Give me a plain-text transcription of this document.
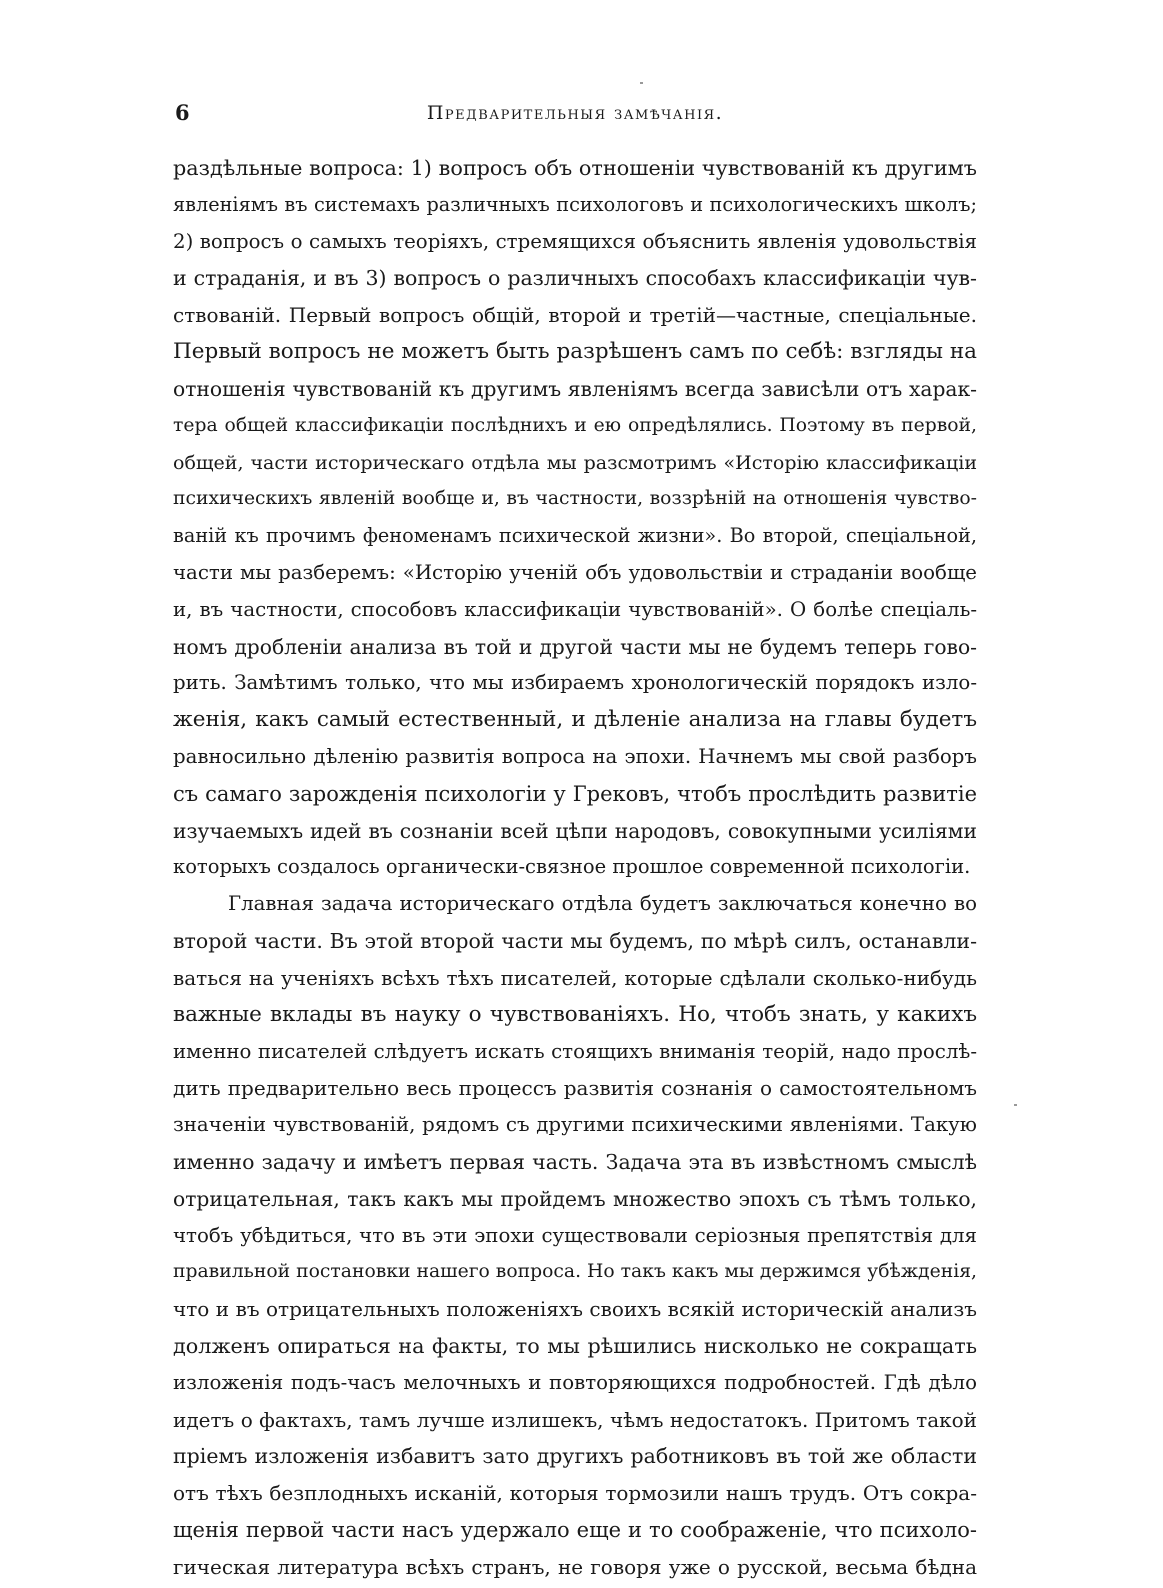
6	Предварительныя замѣчанія.
раздѣльные вопроса: 1) вопросъ объ отношеніи чувствованій къ другимъ
явленіямъ въ системахъ различныхъ психологовъ и психологическихъ школъ;
2) вопросъ о самыхъ теоріяхъ, стремящихся объяснить явленія удовольствія
и страданія, и въ 3) вопросъ о различныхъ способахъ классификаціи чув-
ствованій. Первый вопросъ общій, второй и третій—частные, спеціальные.
Первый вопросъ не можетъ быть разрѣшенъ самъ по себѣ: взгляды на
отношенія чувствованій къ другимъ явленіямъ всегда зависѣли отъ харак-
тера общей классификаціи послѣднихъ и ею опредѣлялись. Поэтому въ первой,
общей, части историческаго отдѣла мы разсмотримъ «Исторію классификаціи
психическихъ явленій вообще и, въ частности, воззрѣній на отношенія чувство-
ваній къ прочимъ феноменамъ психической жизни». Во второй, спеціальной,
части мы разберемъ: «Исторію ученій объ удовольствіи и страданіи вообще
и, въ частности, способовъ классификаціи чувствованій». О болѣе спеціаль-
номъ дробленіи анализа въ той и другой части мы не будемъ теперь гово-
рить. Замѣтимъ только, что мы избираемъ хронологическій порядокъ изло-
женія, какъ самый естественный, и дѣленіе анализа на главы будетъ
равносильно дѣленію развитія вопроса на эпохи. Начнемъ мы свой разборъ
съ самаго зарожденія психологіи у Грековъ, чтобъ прослѣдить развитіе
изучаемыхъ идей въ сознаніи всей цѣпи народовъ, совокупными усиліями
которыхъ создалось органически-связное прошлое современной психологіи.
Главная задача историческаго отдѣла будетъ заключаться конечно во
второй части. Въ этой второй части мы будемъ, по мѣрѣ силъ, останавли-
ваться на ученіяхъ всѣхъ тѣхъ писателей, которые сдѣлали сколько-нибудь
важные вклады въ науку о чувствованіяхъ. Но, чтобъ знать, у какихъ
именно писателей слѣдуетъ искать стоящихъ вниманія теорій, надо прослѣ-
дить предварительно весь процессъ развитія сознанія о самостоятельномъ
значеніи чувствованій, рядомъ съ другими психическими явленіями. Такую
именно задачу и имѣетъ первая часть. Задача эта въ извѣстномъ смыслѣ
отрицательная, такъ какъ мы пройдемъ множество эпохъ съ тѣмъ только,
чтобъ убѣдиться, что въ эти эпохи существовали серіозныя препятствія для
правильной постановки нашего вопроса. Но такъ какъ мы держимся убѣжденія,
что и въ отрицательныхъ положеніяхъ своихъ всякій историческій анализъ
долженъ опираться на факты, то мы рѣшились нисколько не сокращать
изложенія подъ-часъ мелочныхъ и повторяющихся подробностей. Гдѣ дѣло
идетъ о фактахъ, тамъ лучше излишекъ, чѣмъ недостатокъ. Притомъ такой
пріемъ изложенія избавитъ зато другихъ работниковъ въ той же области
отъ тѣхъ безплодныхъ исканій, которыя тормозили нашъ трудъ. Отъ сокра-
щенія первой части насъ удержало еще и то соображеніе, что психоло-
гическая литература всѣхъ странъ, не говоря уже о русской, весьма бѣдна
